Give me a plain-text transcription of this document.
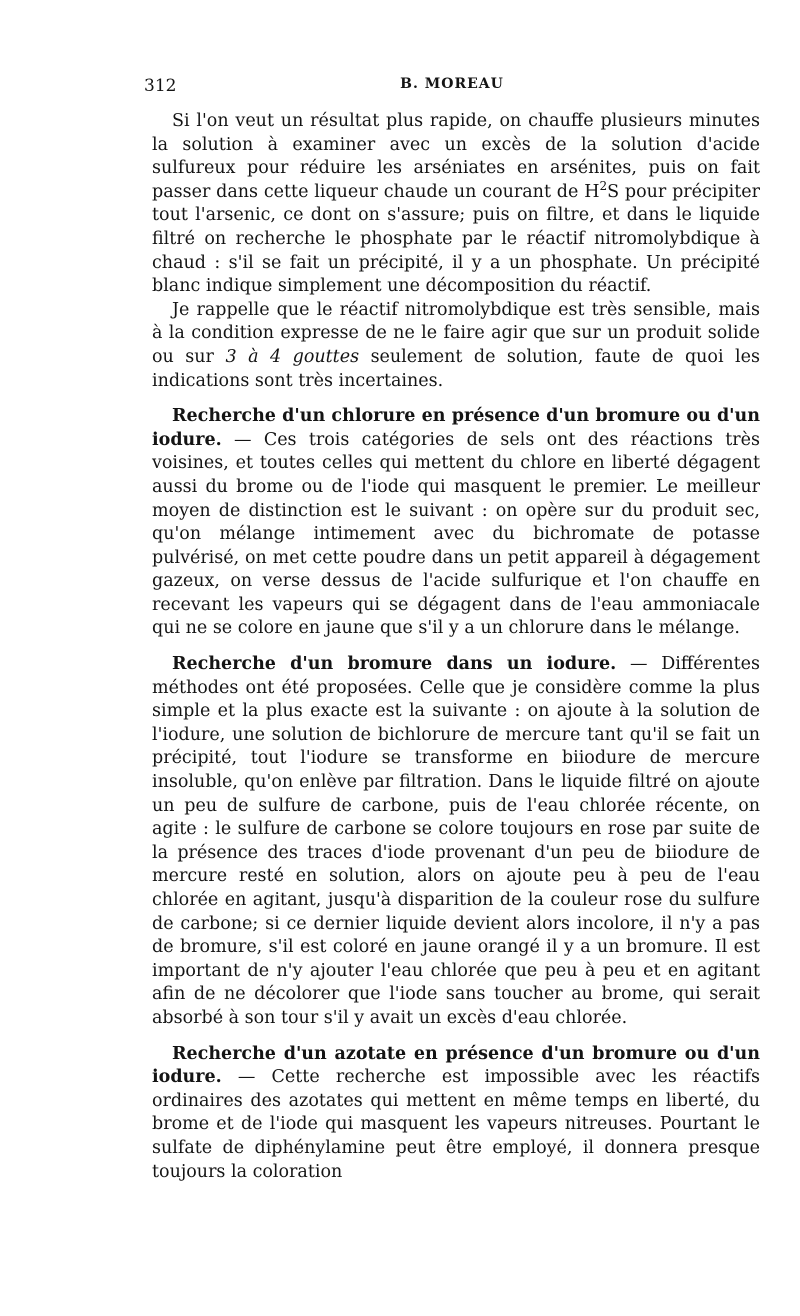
312	B. MOREAU

Si l'on veut un résultat plus rapide, on chauffe plusieurs minutes la solution à examiner avec un excès de la solution d'acide sulfureux pour réduire les arséniates en arsénites, puis on fait passer dans cette liqueur chaude un courant de $H^2S$ pour précipiter tout l'arsenic, ce dont on s'assure; puis on filtre, et dans le liquide filtré on recherche le phosphate par le réactif nitromolybdique à chaud : s'il se fait un précipité, il y a un phosphate. Un précipité blanc indique simplement une décomposition du réactif.

Je rappelle que le réactif nitromolybdique est très sensible, mais à la condition expresse de ne le faire agir que sur un produit solide ou sur 3 à 4 gouttes seulement de solution, faute de quoi les indications sont très incertaines.

Recherche d'un chlorure en présence d'un bromure ou d'un iodure. — Ces trois catégories de sels ont des réactions très voisines, et toutes celles qui mettent du chlore en liberté dégagent aussi du brome ou de l'iode qui masquent le premier. Le meilleur moyen de distinction est le suivant : on opère sur du produit sec, qu'on mélange intimement avec du bichromate de potasse pulvérisé, on met cette poudre dans un petit appareil à dégagement gazeux, on verse dessus de l'acide sulfurique et l'on chauffe en recevant les vapeurs qui se dégagent dans de l'eau ammoniacale qui ne se colore en jaune que s'il y a un chlorure dans le mélange.

Recherche d'un bromure dans un iodure. — Différentes méthodes ont été proposées. Celle que je considère comme la plus simple et la plus exacte est la suivante : on ajoute à la solution de l'iodure, une solution de bichlorure de mercure tant qu'il se fait un précipité, tout l'iodure se transforme en biiodure de mercure insoluble, qu'on enlève par filtration. Dans le liquide filtré on ajoute un peu de sulfure de carbone, puis de l'eau chlorée récente, on agite : le sulfure de carbone se colore toujours en rose par suite de la présence des traces d'iode provenant d'un peu de biiodure de mercure resté en solution, alors on ajoute peu à peu de l'eau chlorée en agitant, jusqu'à disparition de la couleur rose du sulfure de carbone; si ce dernier liquide devient alors incolore, il n'y a pas de bromure, s'il est coloré en jaune orangé il y a un bromure. Il est important de n'y ajouter l'eau chlorée que peu à peu et en agitant afin de ne décolorer que l'iode sans toucher au brome, qui serait absorbé à son tour s'il y avait un excès d'eau chlorée.

Recherche d'un azotate en présence d'un bromure ou d'un iodure. — Cette recherche est impossible avec les réactifs ordinaires des azotates qui mettent en même temps en liberté, du brome et de l'iode qui masquent les vapeurs nitreuses. Pourtant le sulfate de diphénylamine peut être employé, il donnera presque toujours la coloration
